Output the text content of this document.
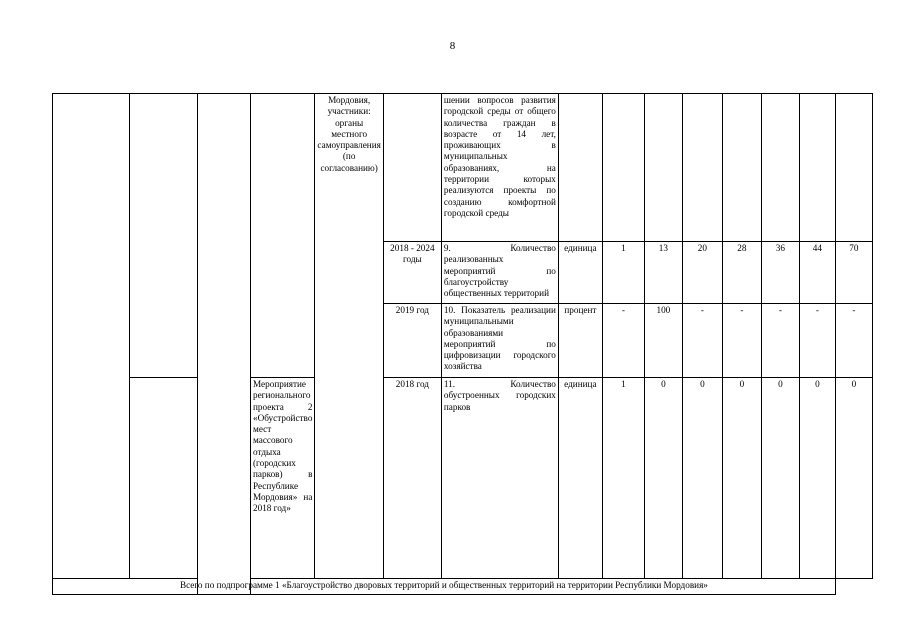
8
				Мордовия, участники: органы местного самоуправления (по согласованию)		шении вопросов развития городской среды от общего количества граждан в возрасте от 14 лет, проживающих в муниципальных образованиях, на территории которых реализуются проекты по созданию комфортной городской среды								
					2018 - 2024 годы	9. Количество реализованных мероприятий по благоустройству общественных территорий	единица	1	13	20	28	36	44	70
					2019 год	10. Показатель реализации муниципальными образованиями мероприятий по цифровизации городского хозяйства	процент	-	100	-	-	-	-	-
			Мероприятие регионального проекта 2 «Обустройство мест массового отдыха (городских парков) в Республике Мордовия» на 2018 год»		2018 год	11. Количество обустроенных городских парков	единица	1	0	0	0	0	0	0
Всего по подпрограмме 1 «Благоустройство дворовых территорий и общественных территорий на территории Республики Мордовия»														
